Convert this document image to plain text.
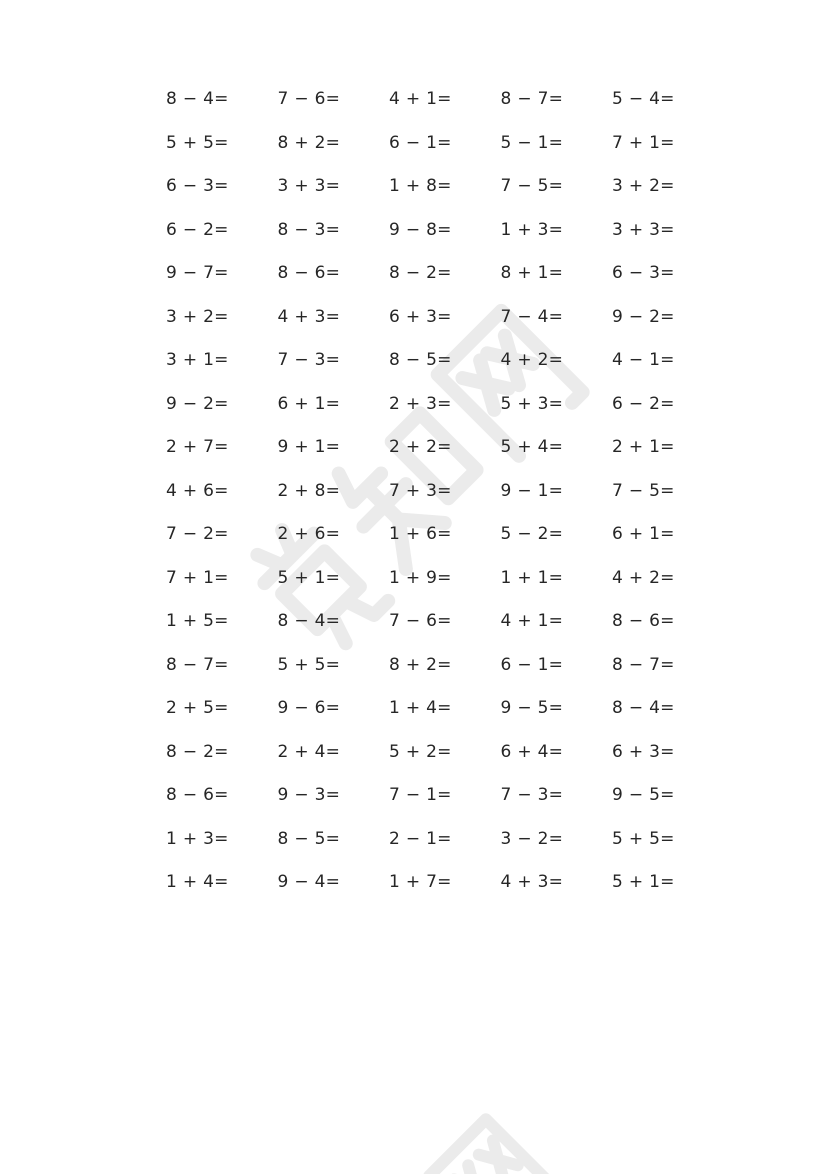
8 − 4=	7 − 6=	4 + 1=	8 − 7=	5 − 4=
5 + 5=	8 + 2=	6 − 1=	5 − 1=	7 + 1=
6 − 3=	3 + 3=	1 + 8=	7 − 5=	3 + 2=
6 − 2=	8 − 3=	9 − 8=	1 + 3=	3 + 3=
9 − 7=	8 − 6=	8 − 2=	8 + 1=	6 − 3=
3 + 2=	4 + 3=	6 + 3=	7 − 4=	9 − 2=
3 + 1=	7 − 3=	8 − 5=	4 + 2=	4 − 1=
9 − 2=	6 + 1=	2 + 3=	5 + 3=	6 − 2=
2 + 7=	9 + 1=	2 + 2=	5 + 4=	2 + 1=
4 + 6=	2 + 8=	7 + 3=	9 − 1=	7 − 5=
7 − 2=	2 + 6=	1 + 6=	5 − 2=	6 + 1=
7 + 1=	5 + 1=	1 + 9=	1 + 1=	4 + 2=
1 + 5=	8 − 4=	7 − 6=	4 + 1=	8 − 6=
8 − 7=	5 + 5=	8 + 2=	6 − 1=	8 − 7=
2 + 5=	9 − 6=	1 + 4=	9 − 5=	8 − 4=
8 − 2=	2 + 4=	5 + 2=	6 + 4=	6 + 3=
8 − 6=	9 − 3=	7 − 1=	7 − 3=	9 − 5=
1 + 3=	8 − 5=	2 − 1=	3 − 2=	5 + 5=
1 + 4=	9 − 4=	1 + 7=	4 + 3=	5 + 1=
